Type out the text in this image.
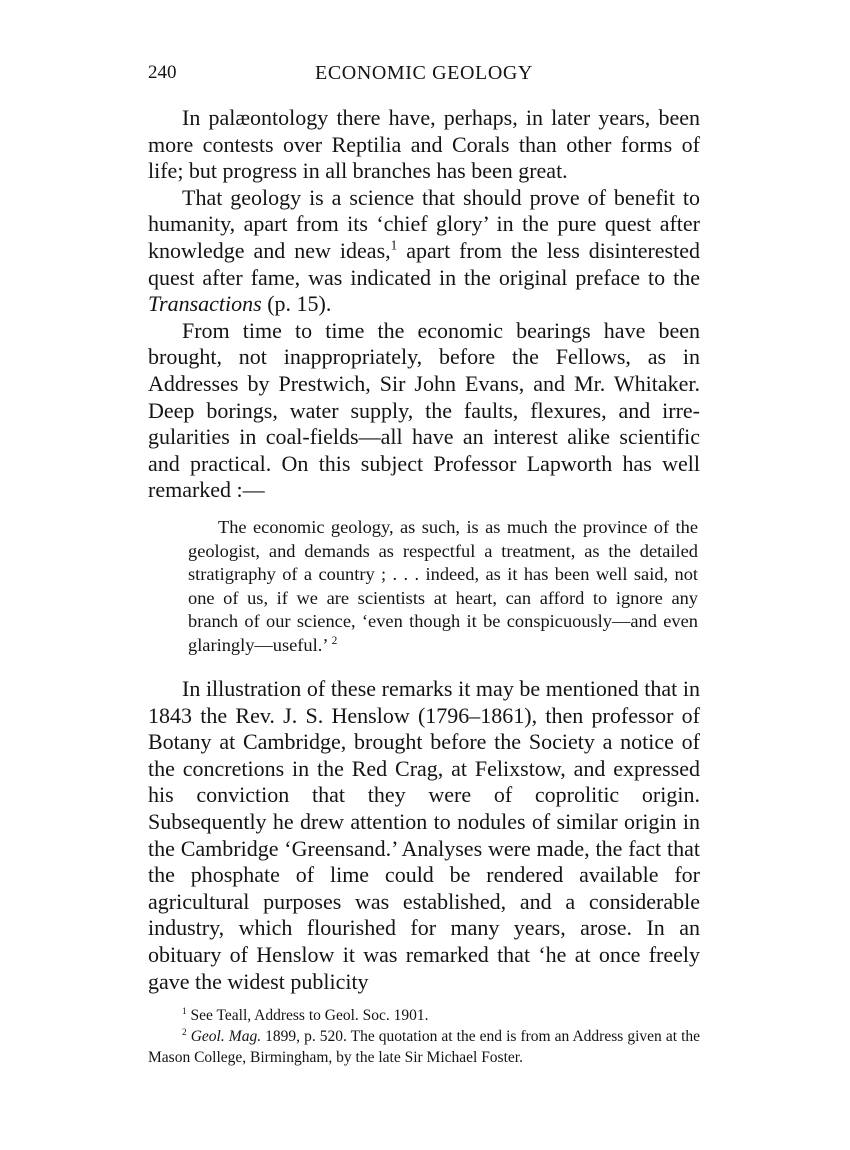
240	ECONOMIC GEOLOGY

In palæontology there have, perhaps, in later years, been more contests over Reptilia and Corals than other forms of life; but progress in all branches has been great.

That geology is a science that should prove of benefit to humanity, apart from its ‘chief glory’ in the pure quest after knowledge and new ideas,$^1$ apart from the less disinterested quest after fame, was indicated in the original preface to the Transactions (p. 15).

From time to time the economic bearings have been brought, not inappropriately, before the Fellows, as in Addresses by Prestwich, Sir John Evans, and Mr. Whitaker. Deep borings, water supply, the faults, flexures, and irregularities in coal-fields—all have an interest alike scientific and practical. On this subject Professor Lapworth has well remarked :—

The economic geology, as such, is as much the province of the geologist, and demands as respectful a treatment, as the detailed stratigraphy of a country ; . . . indeed, as it has been well said, not one of us, if we are scientists at heart, can afford to ignore any branch of our science, ‘even though it be conspicuously—and even glaringly—useful.’ $^2$

In illustration of these remarks it may be mentioned that in 1843 the Rev. J. S. Henslow (1796–1861), then professor of Botany at Cambridge, brought before the Society a notice of the concretions in the Red Crag, at Felixstow, and expressed his conviction that they were of coprolitic origin. Subsequently he drew attention to nodules of similar origin in the Cambridge ‘Greensand.’ Analyses were made, the fact that the phosphate of lime could be rendered available for agricultural purposes was established, and a considerable industry, which flourished for many years, arose. In an obituary of Henslow it was remarked that ‘he at once freely gave the widest publicity

$^1$ See Teall, Address to Geol. Soc. 1901.

$^2$ Geol. Mag. 1899, p. 520. The quotation at the end is from an Address given at the Mason College, Birmingham, by the late Sir Michael Foster.
